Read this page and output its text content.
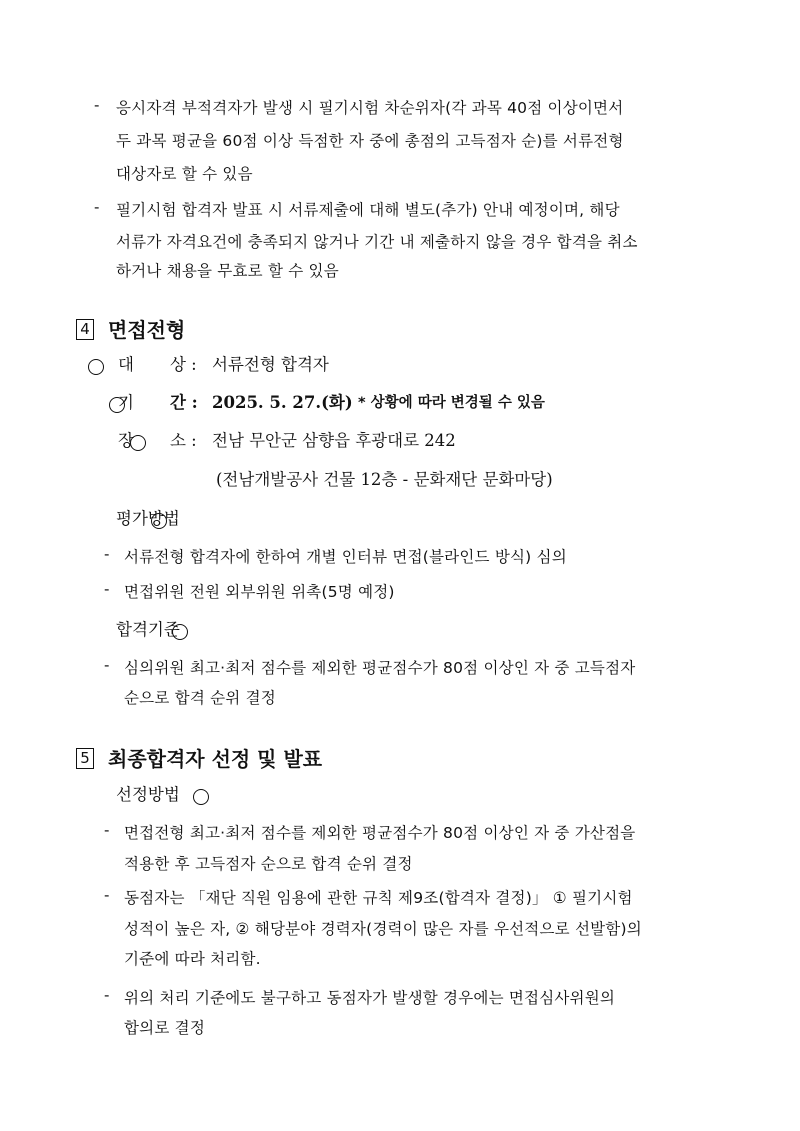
- 응시자격 부적격자가 발생 시 필기시험 차순위자(각 과목 40점 이상이면서
두 과목 평균을 60점 이상 득점한 자 중에 총점의 고득점자 순)를 서류전형
대상자로 할 수 있음
- 필기시험 합격자 발표 시 서류제출에 대해 별도(추가) 안내 예정이며, 해당
서류가 자격요건에 충족되지 않거나 기간 내 제출하지 않을 경우 합격을 취소
하거나 채용을 무효로 할 수 있음
4 면접전형

대 상 : 서류전형 합격자

기 간 : 2025. 5. 27.(화) * 상황에 따라 변경될 수 있음

장 소 : 전남 무안군 삼향읍 후광대로 242
(전남개발공사 건물 12층 - 문화재단 문화마당)

평가방법
- 서류전형 합격자에 한하여 개별 인터뷰 면접(블라인드 방식) 심의
- 면접위원 전원 외부위원 위촉(5명 예정)

합격기준
- 심의위원 최고·최저 점수를 제외한 평균점수가 80점 이상인 자 중 고득점자
순으로 합격 순위 결정
5 최종합격자 선정 및 발표
선정방법
- 면접전형 최고·최저 점수를 제외한 평균점수가 80점 이상인 자 중 가산점을
적용한 후 고득점자 순으로 합격 순위 결정
- 동점자는 「재단 직원 임용에 관한 규칙 제9조(합격자 결정)」 ① 필기시험
성적이 높은 자, ② 해당분야 경력자(경력이 많은 자를 우선적으로 선발함)의
기준에 따라 처리함.
- 위의 처리 기준에도 불구하고 동점자가 발생할 경우에는 면접심사위원의
합의로 결정
